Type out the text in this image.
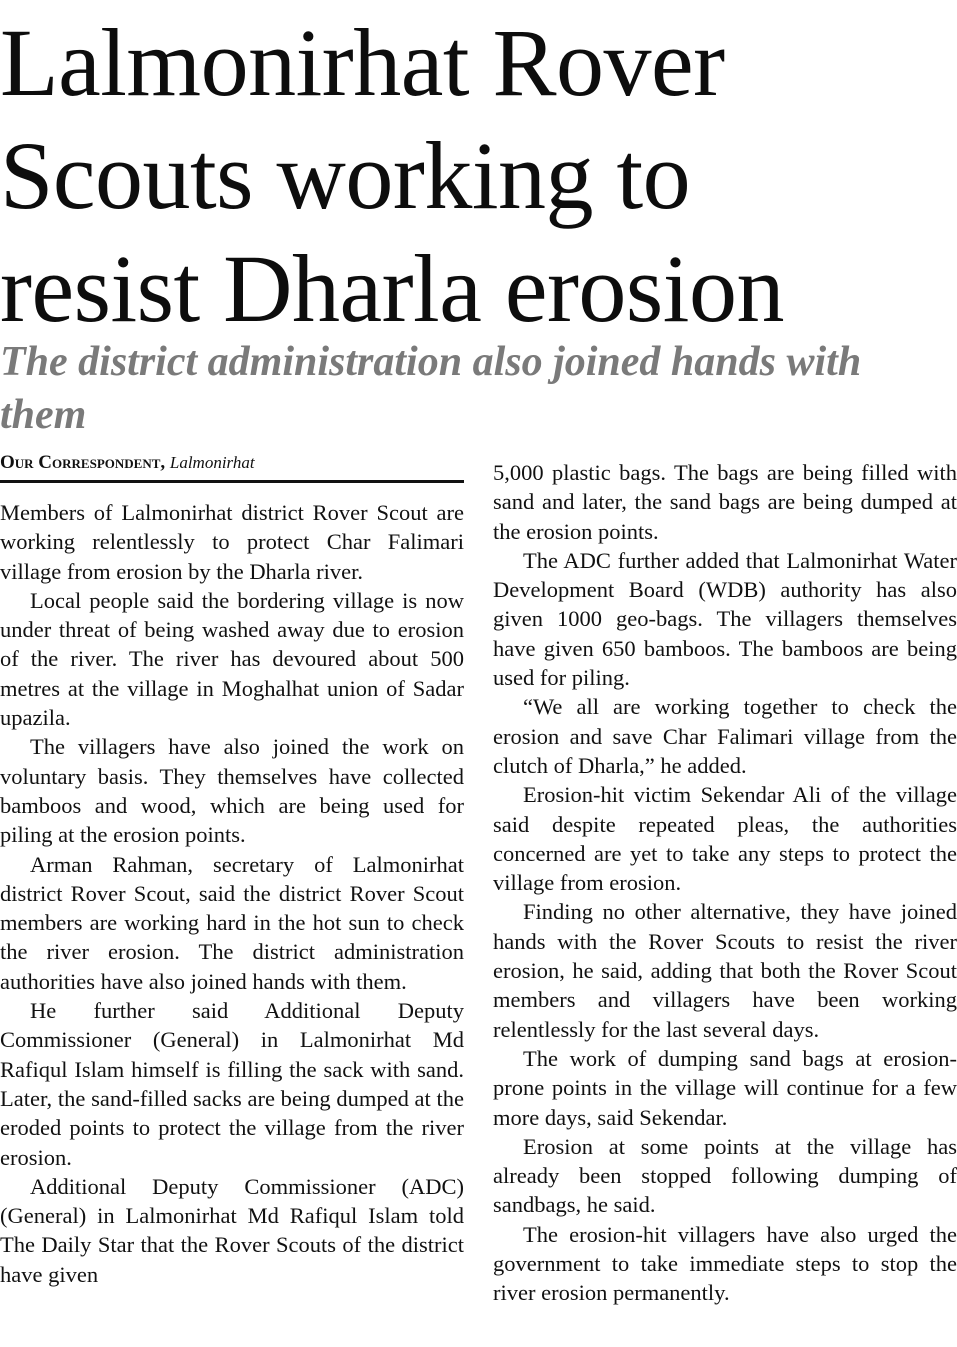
Lalmonirhat Rover
Scouts working to
resist Dharla erosion
The district administration also joined hands with them
Our Correspondent, Lalmonirhat

Members of Lalmonirhat district Rover Scout are working relentlessly to protect Char Falimari village from erosion by the Dharla river.

Local people said the bordering village is now under threat of being washed away due to erosion of the river. The river has devoured about 500 metres at the village in Moghalhat union of Sadar upazila.

The villagers have also joined the work on voluntary basis. They themselves have collected bamboos and wood, which are being used for piling at the erosion points.

Arman Rahman, secretary of Lalmonirhat district Rover Scout, said the district Rover Scout members are working hard in the hot sun to check the river erosion. The district administration authorities have also joined hands with them.

He further said Additional Deputy Commissioner (General) in Lalmonirhat Md Rafiqul Islam himself is filling the sack with sand. Later, the sand-filled sacks are being dumped at the eroded points to protect the village from the river erosion.

Additional Deputy Commissioner (ADC) (General) in Lalmonirhat Md Rafiqul Islam told The Daily Star that the Rover Scouts of the district have given

5,000 plastic bags. The bags are being filled with sand and later, the sand bags are being dumped at the erosion points.

The ADC further added that Lalmonirhat Water Development Board (WDB) authority has also given 1000 geo-bags. The villagers themselves have given 650 bamboos. The bamboos are being used for piling.

“We all are working together to check the erosion and save Char Falimari village from the clutch of Dharla,” he added.

Erosion-hit victim Sekendar Ali of the village said despite repeated pleas, the authorities concerned are yet to take any steps to protect the village from erosion.

Finding no other alternative, they have joined hands with the Rover Scouts to resist the river erosion, he said, adding that both the Rover Scout members and villagers have been working relentlessly for the last several days.

The work of dumping sand bags at erosion-prone points in the village will continue for a few more days, said Sekendar.

Erosion at some points at the village has already been stopped following dumping of sandbags, he said.

The erosion-hit villagers have also urged the government to take immediate steps to stop the river erosion permanently.
